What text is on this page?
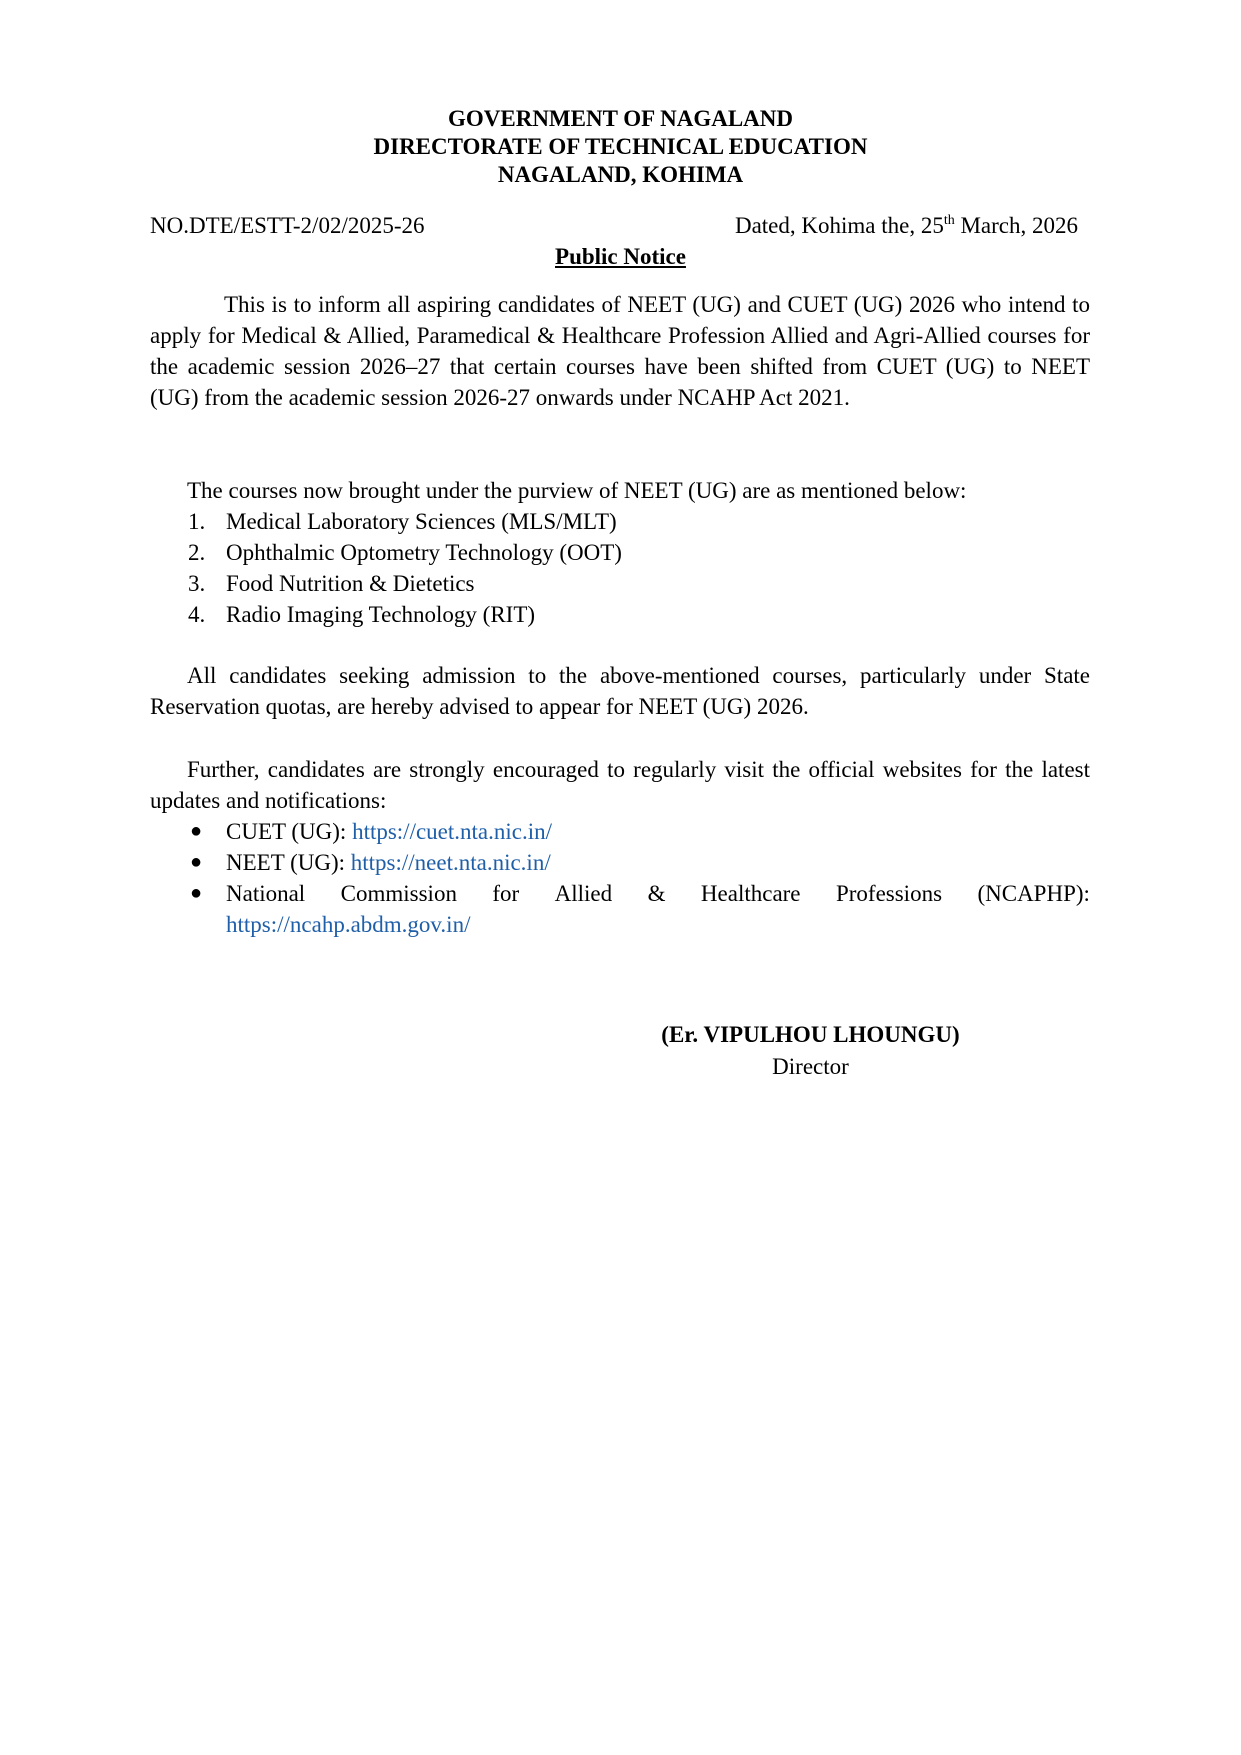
GOVERNMENT OF NAGALAND
DIRECTORATE OF TECHNICAL EDUCATION
NAGALAND, KOHIMA
NO.DTE/ESTT-2/02/2025-26	Dated, Kohima the, 25th March, 2026
Public Notice
This is to inform all aspiring candidates of NEET (UG) and CUET (UG) 2026 who intend to apply for Medical & Allied, Paramedical & Healthcare Profession Allied and Agri-Allied courses for the academic session 2026–27 that certain courses have been shifted from CUET (UG) to NEET (UG) from the academic session 2026-27 onwards under NCAHP Act 2021.
The courses now brought under the purview of NEET (UG) are as mentioned below:
1. Medical Laboratory Sciences (MLS/MLT)
2. Ophthalmic Optometry Technology (OOT)
3. Food Nutrition & Dietetics
4. Radio Imaging Technology (RIT)
All candidates seeking admission to the above-mentioned courses, particularly under State Reservation quotas, are hereby advised to appear for NEET (UG) 2026.
Further, candidates are strongly encouraged to regularly visit the official websites for the latest updates and notifications:
● CUET (UG): https://cuet.nta.nic.in/
● NEET (UG): https://neet.nta.nic.in/
● National Commission for Allied & Healthcare Professions (NCAPHP):
https://ncahp.abdm.gov.in/
(Er. VIPULHOU LHOUNGU)
Director
